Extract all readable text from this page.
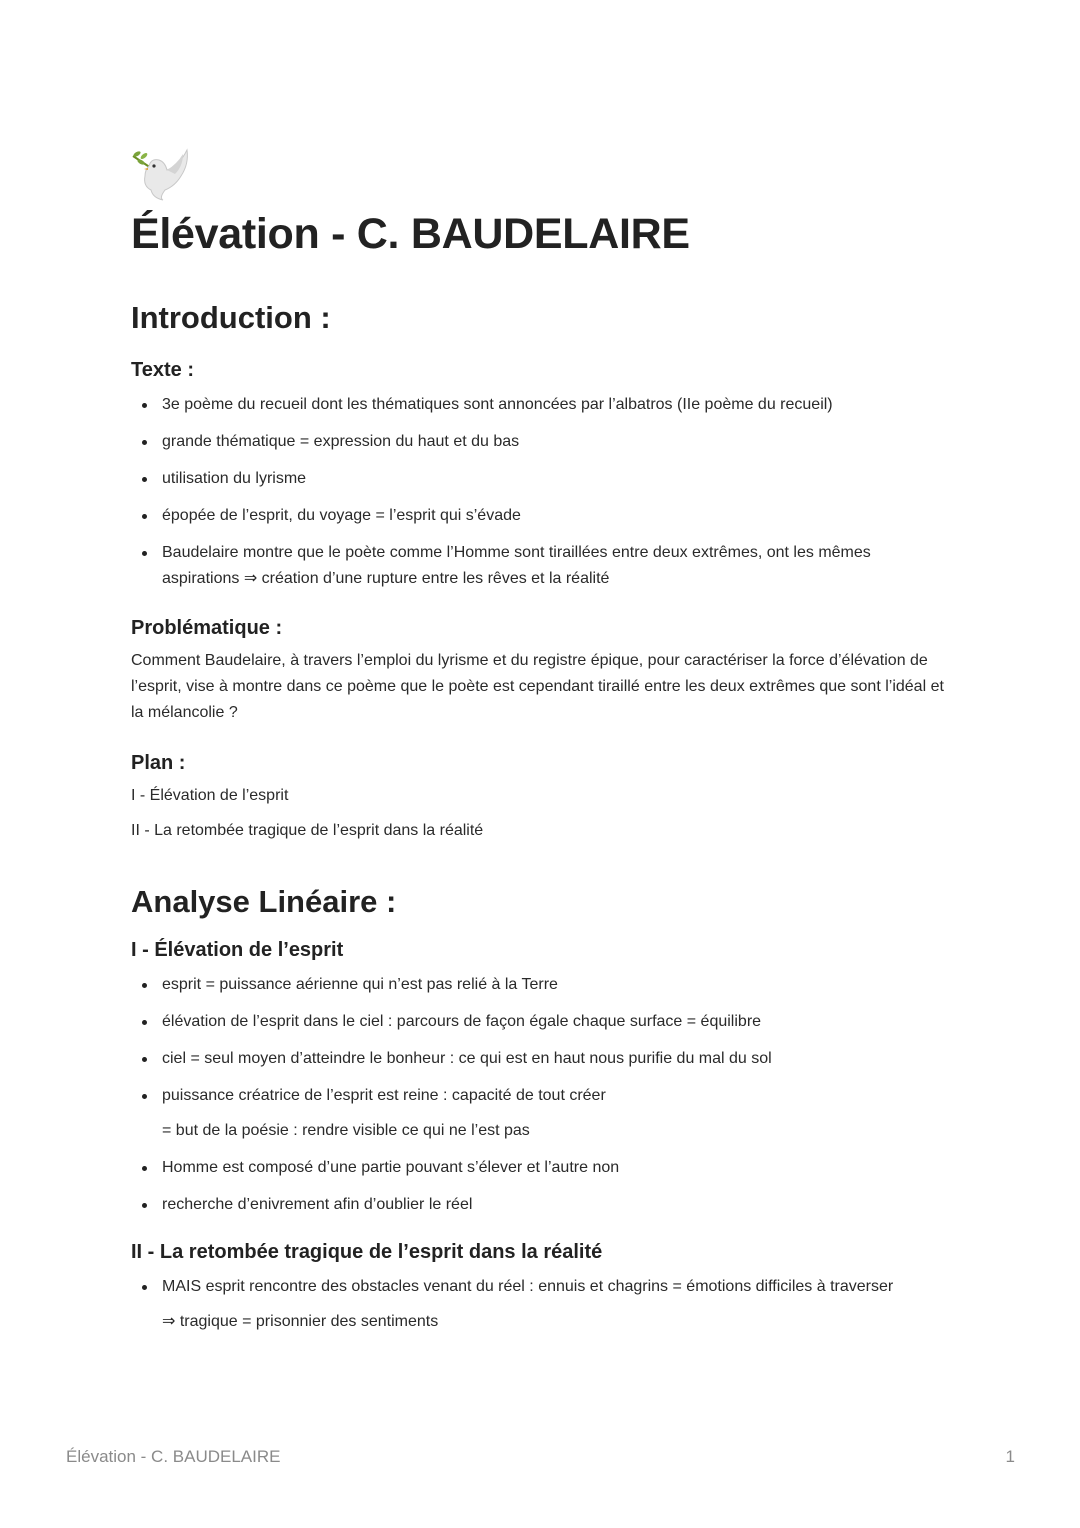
Élévation - C. BAUDELAIRE
Introduction :
Texte :
3e poème du recueil dont les thématiques sont annoncées par l’albatros (IIe poème du recueil)
grande thématique = expression du haut et du bas
utilisation du lyrisme
épopée de l’esprit, du voyage = l’esprit qui s’évade
Baudelaire montre que le poète comme l’Homme sont tiraillées entre deux extrêmes, ont les mêmes aspirations ⇒ création d’une rupture entre les rêves et la réalité
Problématique :

Comment Baudelaire, à travers l’emploi du lyrisme et du registre épique, pour caractériser la force d’élévation de l’esprit, vise à montre dans ce poème que le poète est cependant tiraillé entre les deux extrêmes que sont l’idéal et la mélancolie ?

Plan :

I - Élévation de l’esprit

II - La retombée tragique de l’esprit dans la réalité

Analyse Linéaire :
I - Élévation de l’esprit
esprit = puissance aérienne qui n’est pas relié à la Terre
élévation de l’esprit dans le ciel : parcours de façon égale chaque surface = équilibre
ciel = seul moyen d’atteindre le bonheur : ce qui est en haut nous purifie du mal du sol
puissance créatrice de l’esprit est reine : capacité de tout créer

= but de la poésie : rendre visible ce qui ne l’est pas

Homme est composé d’une partie pouvant s’élever et l’autre non
recherche d’enivrement afin d’oublier le réel
II - La retombée tragique de l’esprit dans la réalité
MAIS esprit rencontre des obstacles venant du réel : ennuis et chagrins = émotions difficiles à traverser

⇒ tragique = prisonnier des sentiments

Élévation - C. BAUDELAIRE	1
